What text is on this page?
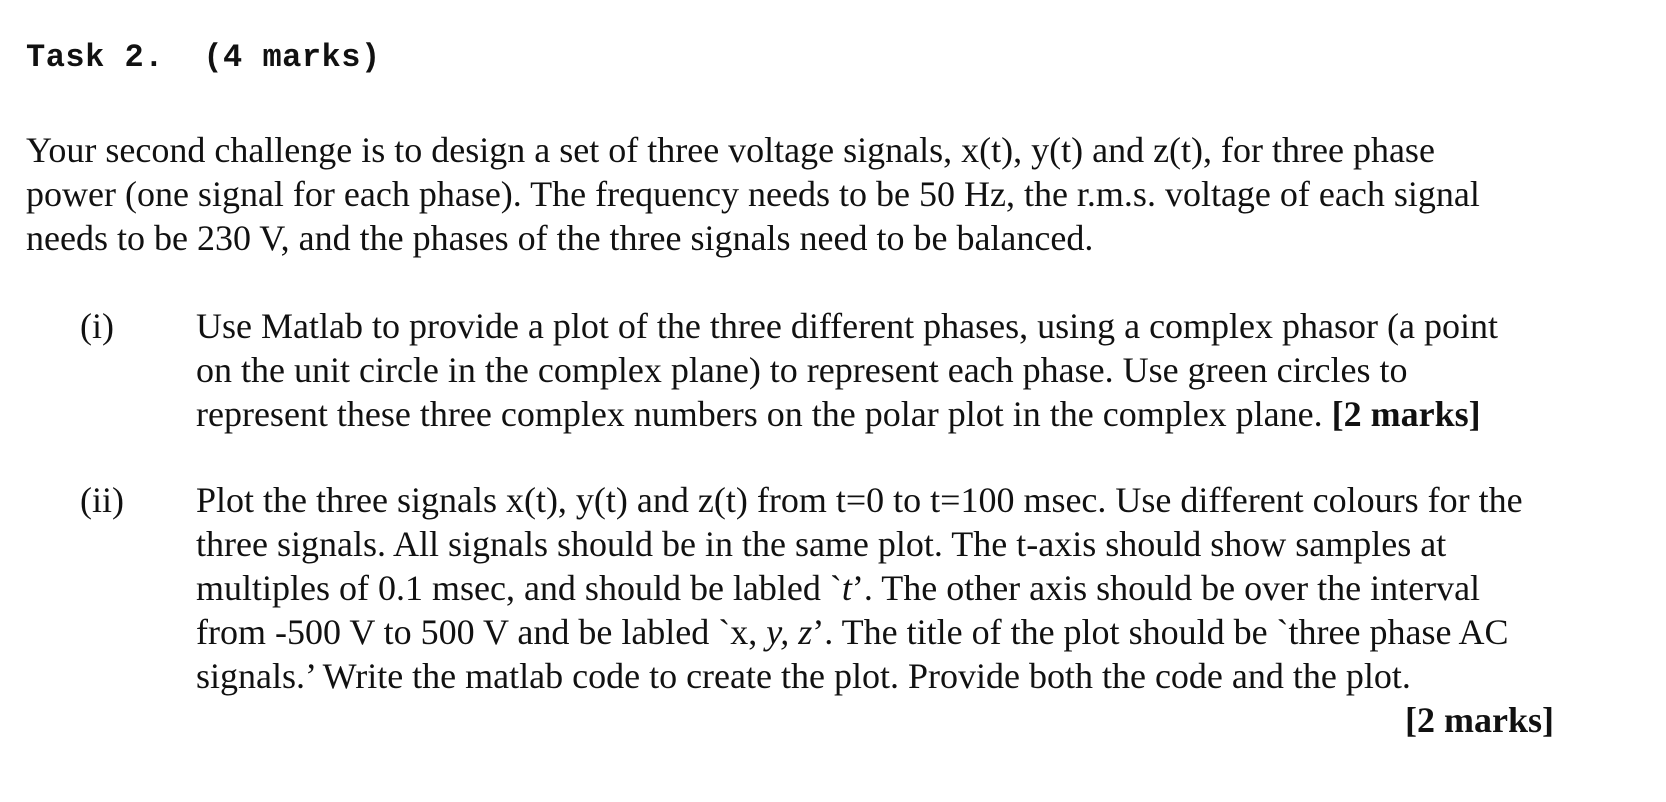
Task 2.  (4 marks)
Your second challenge is to design a set of three voltage signals, x(t), y(t) and z(t), for three phase
power (one signal for each phase). The frequency needs to be 50 Hz, the r.m.s. voltage of each signal
needs to be 230 V, and the phases of the three signals need to be balanced.
(i) Use Matlab to provide a plot of the three different phases, using a complex phasor (a point
on the unit circle in the complex plane) to represent each phase. Use green circles to
represent these three complex numbers on the polar plot in the complex plane. [2 marks]
(ii) Plot the three signals x(t), y(t) and z(t) from t=0 to t=100 msec. Use different colours for the
three signals. All signals should be in the same plot. The t-axis should show samples at
multiples of 0.1 msec, and should be labled `t’. The other axis should be over the interval
from -500 V to 500 V and be labled `x, y, z’. The title of the plot should be `three phase AC
signals.’ Write the matlab code to create the plot. Provide both the code and the plot.
[2 marks]
